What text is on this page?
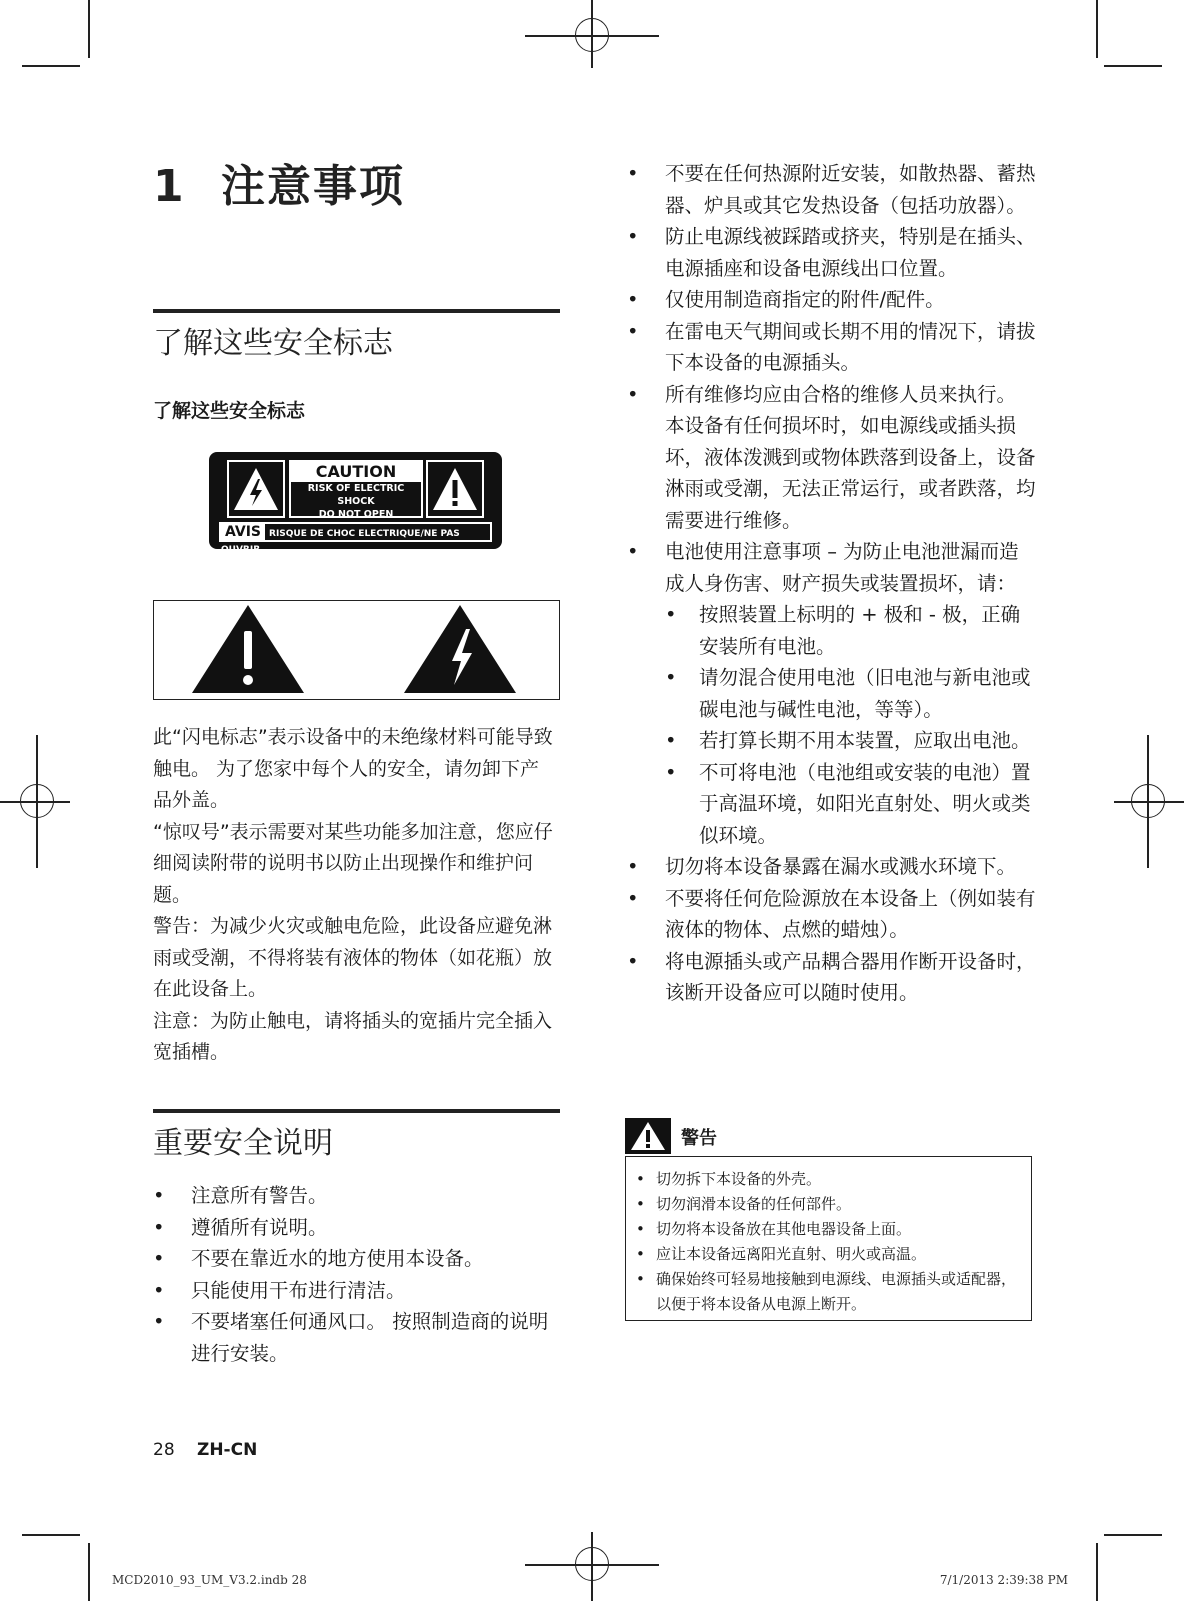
1 注意事项
了解这些安全标志
了解这些安全标志
CAUTION
RISK OF ELECTRIC SHOCK
DO NOT OPEN
AVIS RISQUE DE CHOC ELECTRIQUE/NE PAS OUVRIR

此“闪电标志”表示设备中的未绝缘材料可能导致触电。 为了您家中每个人的安全，请勿卸下产品外盖。

“惊叹号”表示需要对某些功能多加注意，您应仔细阅读附带的说明书以防止出现操作和维护问题。

警告：为减少火灾或触电危险，此设备应避免淋雨或受潮，不得将装有液体的物体（如花瓶）放在此设备上。

注意：为防止触电，请将插头的宽插片完全插入宽插槽。

重要安全说明
• 注意所有警告。
• 遵循所有说明。
• 不要在靠近水的地方使用本设备。
• 只能使用干布进行清洁。
• 不要堵塞任何通风口。 按照制造商的说明进行安装。
• 不要在任何热源附近安装，如散热器、蓄热器、炉具或其它发热设备（包括功放器）。
• 防止电源线被踩踏或挤夹，特别是在插头、电源插座和设备电源线出口位置。
• 仅使用制造商指定的附件/配件。
• 在雷电天气期间或长期不用的情况下，请拔下本设备的电源插头。
• 所有维修均应由合格的维修人员来执行。 本设备有任何损坏时，如电源线或插头损坏，液体泼溅到或物体跌落到设备上，设备淋雨或受潮，无法正常运行，或者跌落，均需要进行维修。
• 电池使用注意事项 – 为防止电池泄漏而造成人身伤害、财产损失或装置损坏，请：
• 按照装置上标明的 + 极和 - 极，正确安装所有电池。
• 请勿混合使用电池（旧电池与新电池或碳电池与碱性电池，等等）。
• 若打算长期不用本装置，应取出电池。
• 不可将电池（电池组或安装的电池）置于高温环境，如阳光直射处、明火或类似环境。
• 切勿将本设备暴露在漏水或溅水环境下。
• 不要将任何危险源放在本设备上（例如装有液体的物体、点燃的蜡烛）。
• 将电源插头或产品耦合器用作断开设备时，该断开设备应可以随时使用。
警告
• 切勿拆下本设备的外壳。
• 切勿润滑本设备的任何部件。
• 切勿将本设备放在其他电器设备上面。
• 应让本设备远离阳光直射、明火或高温。
• 确保始终可轻易地接触到电源线、电源插头或适配器，以便于将本设备从电源上断开。
28 ZH-CN
MCD2010_93_UM_V3.2.indb 28	7/1/2013 2:39:38 PM
